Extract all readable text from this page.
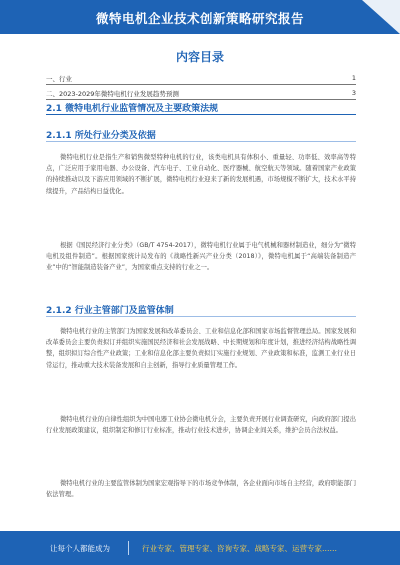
微特电机企业技术创新策略研究报告
内容目录
一、行业	1
二、2023-2029年微特电机行业发展趋势预测	3
2.1 微特电机行业监管情况及主要政策法规
2.1.1 所处行业分类及依据
微特电机行业是指生产和销售微型特种电机的行业，该类电机具有体积小、重量轻、功率低、效率高等特点，广泛应用于家用电器、办公设备、汽车电子、工业自动化、医疗器械、航空航天等领域。随着国家产业政策的持续推动以及下游应用领域的不断扩展，微特电机行业迎来了新的发展机遇，市场规模不断扩大，技术水平持续提升，产品结构日益优化。
根据《国民经济行业分类》（GB/T 4754-2017），微特电机行业属于电气机械和器材制造业，细分为“微特电机及组件制造”。根据国家统计局发布的《战略性新兴产业分类（2018）》，微特电机属于“高端装备制造产业”中的“智能制造装备产业”，为国家重点支持的行业之一。
2.1.2 行业主管部门及监管体制
微特电机行业的主管部门为国家发展和改革委员会、工业和信息化部和国家市场监督管理总局。国家发展和改革委员会主要负责拟订并组织实施国民经济和社会发展战略、中长期规划和年度计划，推进经济结构战略性调整，组织拟订综合性产业政策；工业和信息化部主要负责拟订实施行业规划、产业政策和标准，监测工业行业日常运行，推动重大技术装备发展和自主创新，指导行业质量管理工作。
微特电机行业的自律性组织为中国电器工业协会微电机分会，主要负责开展行业调查研究，向政府部门提出行业发展政策建议，组织制定和修订行业标准，推动行业技术进步，协调企业间关系，维护会员合法权益。
微特电机行业的主要监管体制为国家宏观指导下的市场竞争体制，各企业面向市场自主经营，政府职能部门依法管理。
让每个人都能成为	行业专家、管理专家、咨询专家、战略专家、运营专家……
